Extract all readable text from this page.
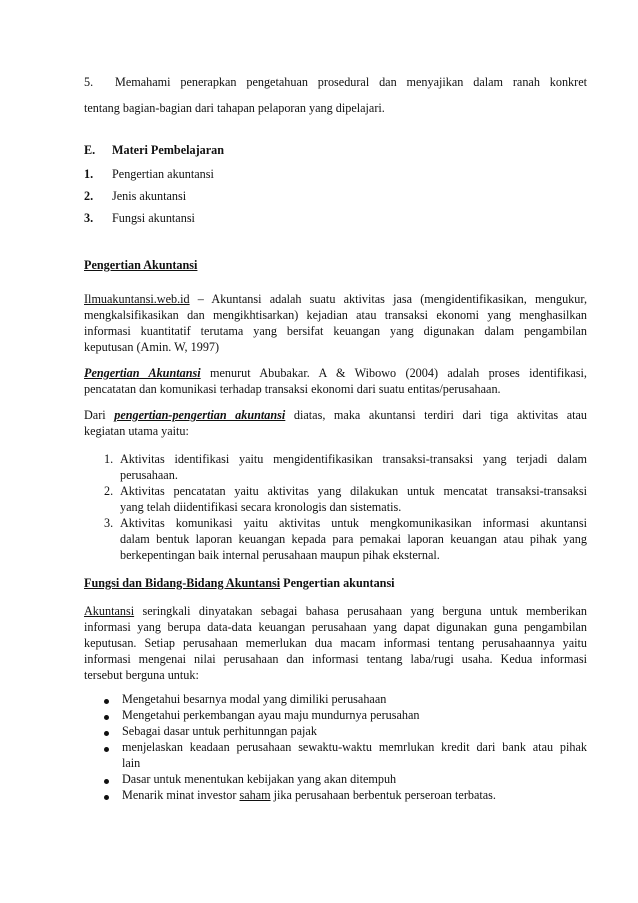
5. Memahami penerapkan pengetahuan prosedural dan menyajikan dalam ranah konkret
tentang bagian-bagian dari tahapan pelaporan yang dipelajari.
E. Materi Pembelajaran
1. Pengertian akuntansi
2. Jenis akuntansi
3. Fungsi akuntansi
Pengertian Akuntansi
Ilmuakuntansi.web.id – Akuntansi adalah suatu aktivitas jasa (mengidentifikasikan, mengukur,
mengkalsifikasikan dan mengikhtisarkan) kejadian atau transaksi ekonomi yang menghasilkan
informasi kuantitatif terutama yang bersifat keuangan yang digunakan dalam pengambilan
keputusan (Amin. W, 1997)
Pengertian Akuntansi menurut Abubakar. A & Wibowo (2004) adalah proses identifikasi,
pencatatan dan komunikasi terhadap transaksi ekonomi dari suatu entitas/perusahaan.
Dari pengertian-pengertian akuntansi diatas, maka akuntansi terdiri dari tiga aktivitas atau
kegiatan utama yaitu:
1. Aktivitas identifikasi yaitu mengidentifikasikan transaksi-transaksi yang terjadi dalam
perusahaan.
2. Aktivitas pencatatan yaitu aktivitas yang dilakukan untuk mencatat transaksi-transaksi
yang telah diidentifikasi secara kronologis dan sistematis.
3. Aktivitas komunikasi yaitu aktivitas untuk mengkomunikasikan informasi akuntansi
dalam bentuk laporan keuangan kepada para pemakai laporan keuangan atau pihak yang
berkepentingan baik internal perusahaan maupun pihak eksternal.
Fungsi dan Bidang-Bidang Akuntansi Pengertian akuntansi
Akuntansi seringkali dinyatakan sebagai bahasa perusahaan yang berguna untuk memberikan
informasi yang berupa data-data keuangan perusahaan yang dapat digunakan guna pengambilan
keputusan. Setiap perusahaan memerlukan dua macam informasi tentang perusahaannya yaitu
informasi mengenai nilai perusahaan dan informasi tentang laba/rugi usaha. Kedua informasi
tersebut berguna untuk:
Mengetahui besarnya modal yang dimiliki perusahaan
Mengetahui perkembangan ayau maju mundurnya perusahan
Sebagai dasar untuk perhitunngan pajak
menjelaskan keadaan perusahaan sewaktu-waktu memrlukan kredit dari bank atau pihak
lain
Dasar untuk menentukan kebijakan yang akan ditempuh
Menarik minat investor saham jika perusahaan berbentuk perseroan terbatas.
